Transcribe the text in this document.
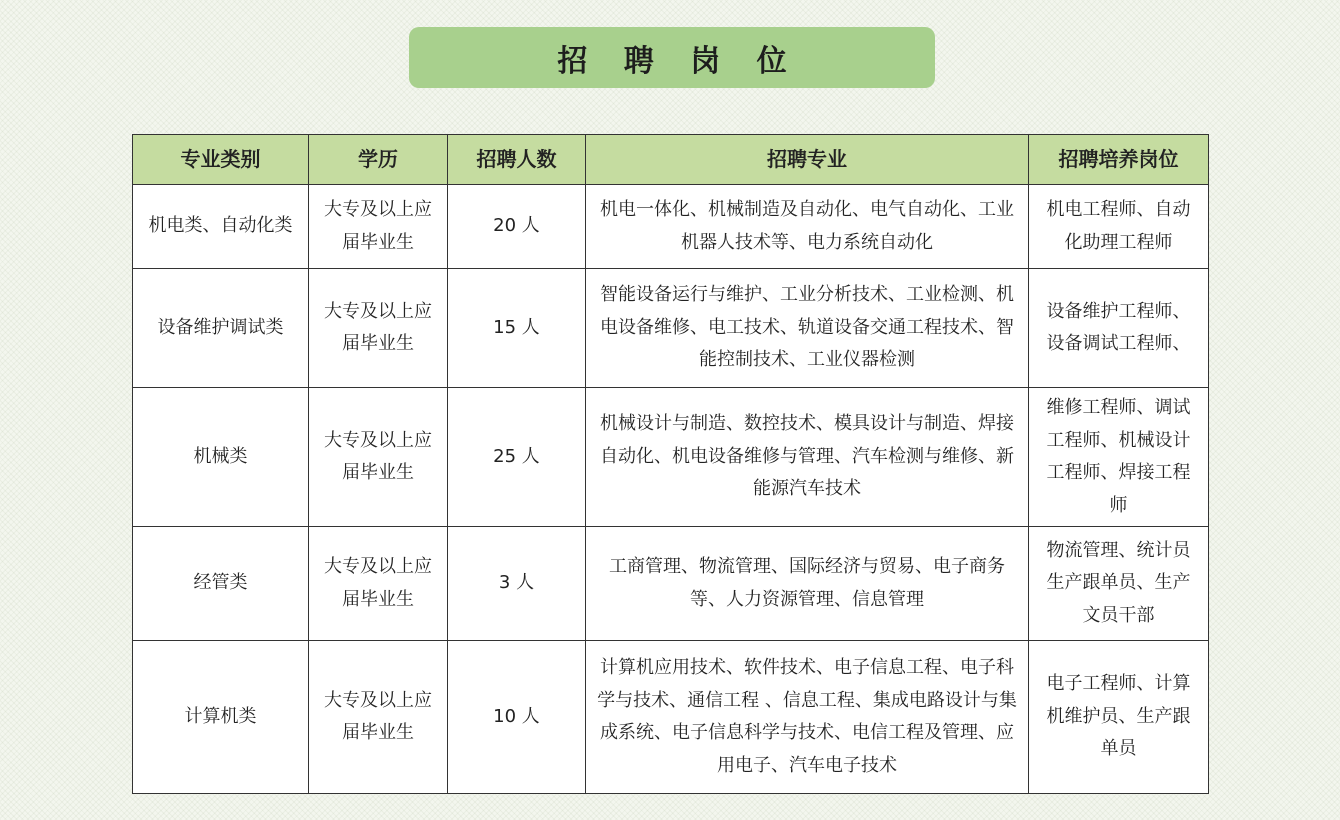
招 聘 岗 位
专业类别	学历	招聘人数	招聘专业	招聘培养岗位
机电类、自动化类	大专及以上应届毕业生	20 人	机电一体化、机械制造及自动化、电气自动化、工业机器人技术等、电力系统自动化	机电工程师、自动化助理工程师
设备维护调试类	大专及以上应届毕业生	15 人	智能设备运行与维护、工业分析技术、工业检测、机电设备维修、电工技术、轨道设备交通工程技术、智能控制技术、工业仪器检测	设备维护工程师、设备调试工程师、
机械类	大专及以上应届毕业生	25 人	机械设计与制造、数控技术、模具设计与制造、焊接自动化、机电设备维修与管理、汽车检测与维修、新能源汽车技术	维修工程师、调试工程师、机械设计工程师、焊接工程师
经管类	大专及以上应届毕业生	3 人	工商管理、物流管理、国际经济与贸易、电子商务等、人力资源管理、信息管理	物流管理、统计员生产跟单员、生产文员干部
计算机类	大专及以上应届毕业生	10 人	计算机应用技术、软件技术、电子信息工程、电子科学与技术、通信工程 、信息工程、集成电路设计与集成系统、电子信息科学与技术、电信工程及管理、应用电子、汽车电子技术	电子工程师、计算机维护员、生产跟单员
